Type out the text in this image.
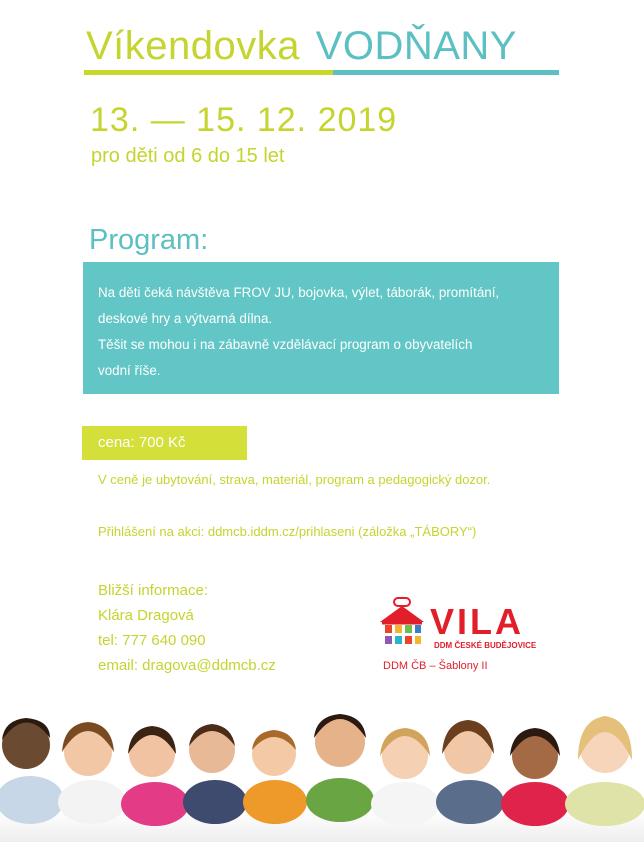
Víkendovka VODŇANY
13. — 15. 12. 2019
pro děti od 6 do 15 let
Program:

Na děti čeká návštěva FROV JU, bojovka, výlet, táborák, promítání,

deskové hry a výtvarná dílna.

Těšit se mohou i na zábavně vzdělávací program o obyvatelích

vodní říše.

cena: 700 Kč
V ceně je ubytování, strava, materiál, program a pedagogický dozor.
Přihlášení na akci: ddmcb.iddm.cz/prihlaseni (záložka „TÁBORY“)
Bližší informace:
Klára Dragová
tel: 777 640 090
email: dragova@ddmcb.cz
VILA
DDM ČESKÉ BUDĚJOVICE
DDM ČB – Šablony II
